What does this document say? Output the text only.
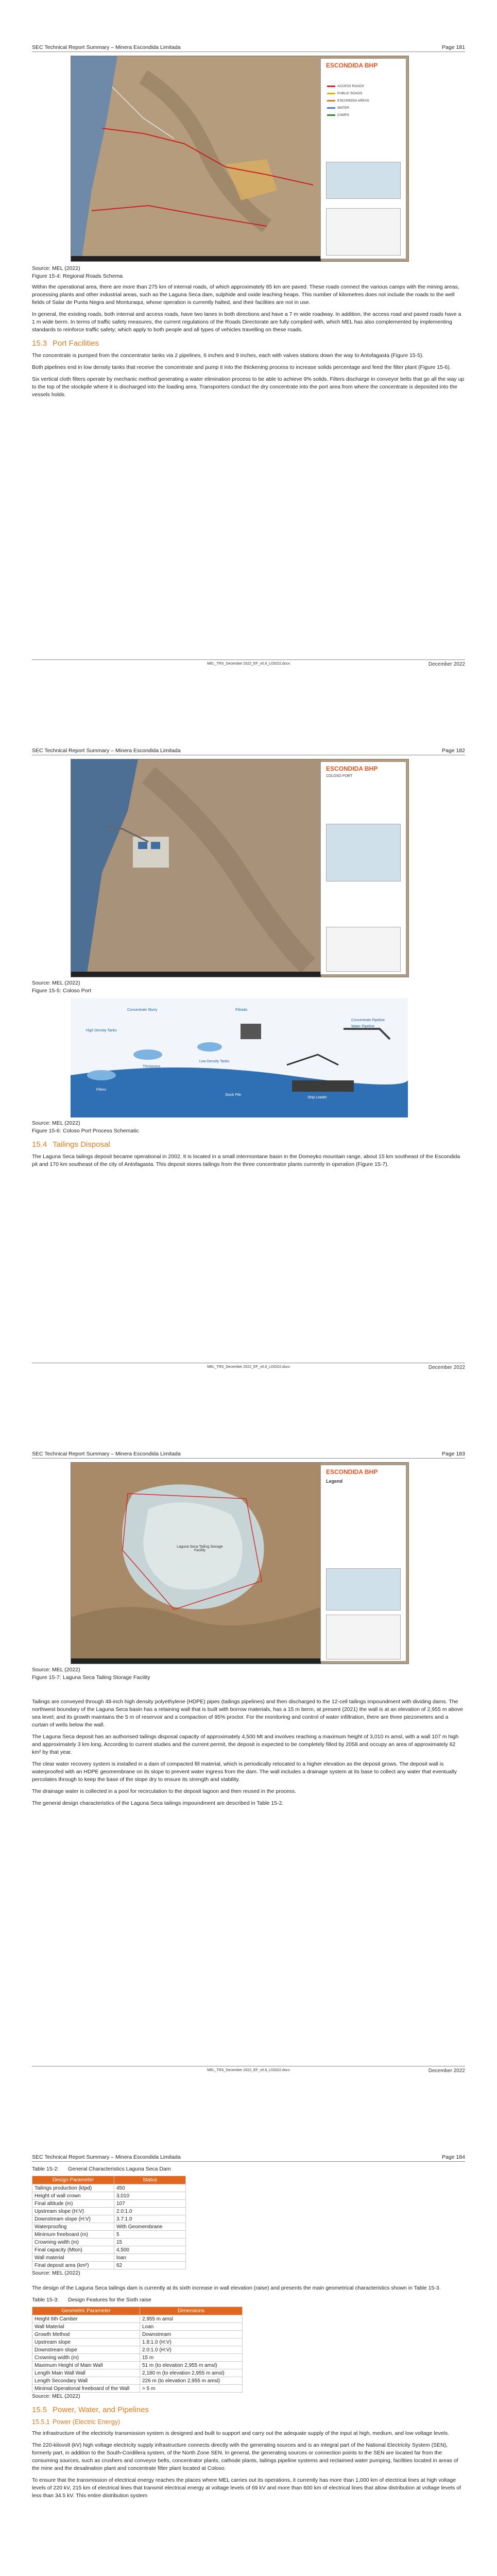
SEC Technical Report Summary – Minera Escondida Limitada	Page 181
ESCONDIDA BHP
ACCESS ROADS
PUBLIC ROADS
ESCONDIDA AREAS
WATER
CAMPS

Source: MEL (2022)

Figure 15-4: Regional Roads Schema

Within the operational area, there are more than 275 km of internal roads, of which approximately 85 km are paved. These roads connect the various camps with the mining areas, processing plants and other industrial areas, such as the Laguna Seca dam, sulphide and oxide leaching heaps. This number of kilometres does not include the roads to the well fields of Salar de Punta Negra and Monturaqui, whose operation is currently halted, and their facilities are not in use.

In general, the existing roads, both internal and access roads, have two lanes in both directions and have a 7 m wide roadway. In addition, the access road and paved roads have a 1 m wide berm. In terms of traffic safety measures, the current regulations of the Roads Directorate are fully complied with, which MEL has also complemented by implementing standards to reinforce traffic safety; which apply to both people and all types of vehicles travelling on these roads.

15.3 Port Facilities

The concentrate is pumped from the concentrator tanks via 2 pipelines, 6 inches and 9 inches, each with valves stations down the way to Antofagasta (Figure 15-5).

Both pipelines end in low density tanks that receive the concentrate and pump it into the thickening process to increase solids percentage and feed the filter plant (Figure 15-6).

Six vertical cloth filters operate by mechanic method generating a water elimination process to be able to achieve 9% solids. Filters discharge in conveyor belts that go all the way up to the top of the stockpile where it is discharged into the loading area. Transporters conduct the dry concentrate into the port area from where the concentrate is deposited into the vessels holds.

MEL_TRS_December 2022_EF_v0.8_LOGO2.docx	December 2022
SEC Technical Report Summary – Minera Escondida Limitada	Page 182
ESCONDIDA BHP
COLOSO PORT

Source: MEL (2022)

Figure 15-5: Coloso Port

Concentrate Slurry	Filtrado
High Density Tanks
Thickeners
Low Density Tanks
Filters
Stock Pile
Ship Loader
Concentrate Pipeline
Water Pipeline

Source: MEL (2022)

Figure 15-6: Coloso Port Process Schematic

15.4 Tailings Disposal

The Laguna Seca tailings deposit became operational in 2002. It is located in a small intermontane basin in the Domeyko mountain range, about 15 km southeast of the Escondida pit and 170 km southeast of the city of Antofagasta. This deposit stores tailings from the three concentrator plants currently in operation (Figure 15-7).

MEL_TRS_December 2022_EF_v0.8_LOGO2.docx	December 2022
SEC Technical Report Summary – Minera Escondida Limitada	Page 183
Laguna Seca Tailing Storage Facility
ESCONDIDA BHP
Legend

Source: MEL (2022)

Figure 15-7: Laguna Seca Tailing Storage Facility

Tailings are conveyed through 48-inch high density polyethylene (HDPE) pipes (tailings pipelines) and then discharged to the 12-cell tailings impoundment with dividing dams. The northwest boundary of the Laguna Seca basin has a retaining wall that is built with borrow materials, has a 15 m berm, at present (2021) the wall is at an elevation of 2,955 m above sea level; and its growth maintains the 5 m of reservoir and a compaction of 95% proctor. For the monitoring and control of water infiltration, there are three piezometers and a curtain of wells below the wall.

The Laguna Seca deposit has an authorised tailings disposal capacity of approximately 4,500 Mt and involves reaching a maximum height of 3,010 m amsl, with a wall 107 m high and approximately 3 km long. According to current studies and the current permit, the deposit is expected to be completely filled by 2058 and occupy an area of approximately 62 km² by that year.

The clear water recovery system is installed in a dam of compacted fill material, which is periodically relocated to a higher elevation as the deposit grows. The deposit wall is waterproofed with an HDPE geomembrane on its slope to prevent water ingress from the dam. The wall includes a drainage system at its base to collect any water that eventually percolates through to keep the base of the slope dry to ensure its strength and stability.

The drainage water is collected in a pool for recirculation to the deposit lagoon and then reused in the process.

The general design characteristics of the Laguna Seca tailings impoundment are described in Table 15-2.

MEL_TRS_December 2022_EF_v0.8_LOGO2.docx	December 2022
SEC Technical Report Summary – Minera Escondida Limitada	Page 184

Table 15-2: General Characteristics Laguna Seca Dam

Design Parameter	Status
Tailings production (ktpd)	450
Height of wall crown	3,010
Final altitude (m)	107
Upstream slope (H:V)	2.0:1.0
Downstream slope (H:V)	3.7:1.0
Waterproofing	With Geomembrane
Minimum freeboard (m)	5
Crowning width (m)	15
Final capacity (Mton)	4,500
Wall material	loan
Final deposit area (km²)	62

Source: MEL (2022)

The design of the Laguna Seca tailings dam is currently at its sixth increase in wall elevation (raise) and presents the main geometrical characteristics shown in Table 15-3.

Table 15-3: Design Features for the Sixth raise

Geometric Parameter	Dimensions
Height 6th Camber	2,955 m amsl
Wall Material	Loan
Growth Method	Downstream
Upstream slope	1.8:1.0 (H:V)
Downstream slope	2.0:1.0 (H:V)
Crowning width (m)	15 m
Maximum Height of Main Wall	51 m (to elevation 2,955 m amsl)
Length Main Wall Wall	2,180 m (to elevation 2,955 m amsl)
Length Secondary Wall	226 m (to elevation 2,955 m amsl)
Minimal Operational freeboard of the Wall	> 5 m

Source: MEL (2022)

15.5 Power, Water, and Pipelines
15.5.1 Power (Electric Energy)

The infrastructure of the electricity transmission system is designed and built to support and carry out the adequate supply of the input at high, medium, and low voltage levels.

The 220-kilovolt (kV) high voltage electricity supply infrastructure connects directly with the generating sources and is an integral part of the National Electricity System (SEN), formerly part, in addition to the South-Cordillera system, of the North Zone SEN. In general, the generating sources or connection points to the SEN are located far from the consuming sources, such as crushers and conveyor belts, concentrator plants, cathode plants, tailings pipeline systems and reclaimed water pumping, facilities located in areas of the mine and the desalination plant and concentrate filter plant located at Coloso.

To ensure that the transmission of electrical energy reaches the places where MEL carries out its operations, it currently has more than 1,000 km of electrical lines at high voltage levels of 220 kV, 215 km of electrical lines that transmit electrical energy at voltage levels of 69 kV and more than 600 km of electrical lines that allow distribution at voltage levels of less than 34.5 kV. This entire distribution system
